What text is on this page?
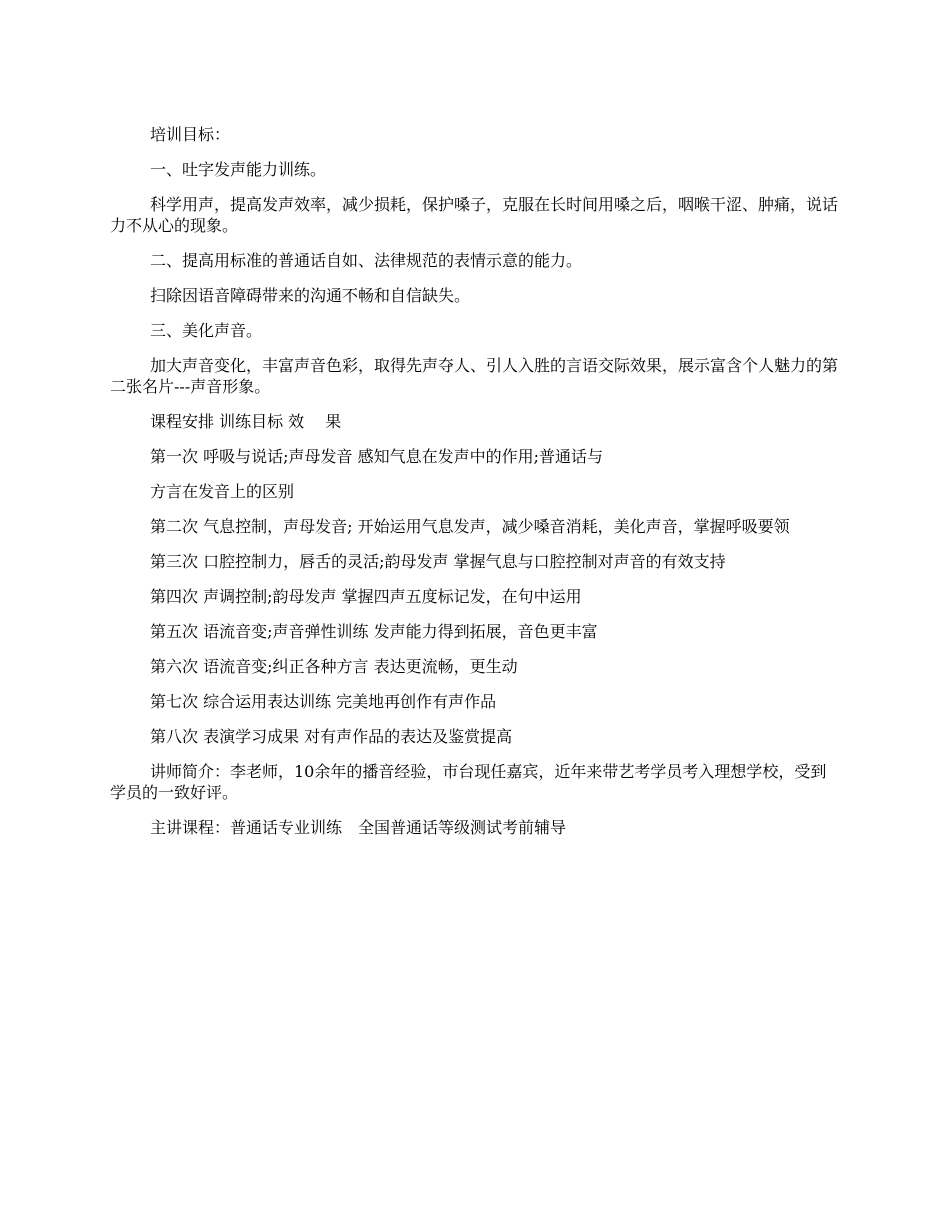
培训目标：

一、吐字发声能力训练。

科学用声，提高发声效率，减少损耗，保护嗓子，克服在长时间用嗓之后，咽喉干涩、肿痛，说话力不从心的现象。

二、提高用标准的普通话自如、法律规范的表情示意的能力。

扫除因语音障碍带来的沟通不畅和自信缺失。

三、美化声音。

加大声音变化，丰富声音色彩，取得先声夺人、引人入胜的言语交际效果，展示富含个人魅力的第二张名片---声音形象。

课程安排 训练目标 效　 果

第一次 呼吸与说话;声母发音 感知气息在发声中的作用;普通话与

方言在发音上的区别

第二次 气息控制，声母发音; 开始运用气息发声，减少嗓音消耗，美化声音，掌握呼吸要领

第三次 口腔控制力，唇舌的灵活;韵母发声 掌握气息与口腔控制对声音的有效支持

第四次 声调控制;韵母发声 掌握四声五度标记发，在句中运用

第五次 语流音变;声音弹性训练 发声能力得到拓展，音色更丰富

第六次 语流音变;纠正各种方言 表达更流畅，更生动

第七次 综合运用表达训练 完美地再创作有声作品

第八次 表演学习成果 对有声作品的表达及鉴赏提高

讲师简介：李老师，10余年的播音经验，市台现任嘉宾，近年来带艺考学员考入理想学校，受到学员的一致好评。

主讲课程：普通话专业训练　全国普通话等级测试考前辅导
